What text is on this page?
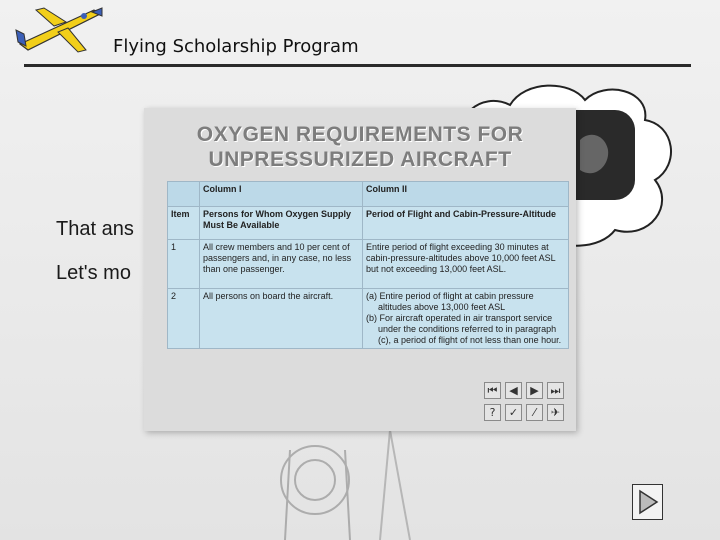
Flying Scholarship Program
That ans
Let's mo
OXYGEN REQUIREMENTS FOR
UNPRESSURIZED AIRCRAFT
	Column I	Column II
Item	Persons for Whom Oxygen Supply Must Be Available	Period of Flight and Cabin-Pressure-Altitude
1	All crew members and 10 per cent of passengers and, in any case, no less than one passenger.	Entire period of flight exceeding 30 minutes at cabin-pressure-altitudes above 10,000 feet ASL but not exceeding 13,000 feet ASL.
2	All persons on board the aircraft.	(a) Entire period of flight at cabin pressure altitudes above 13,000 feet ASL
(b) For aircraft operated in air transport service under the conditions referred to in paragraph (c), a period of flight of not less than one hour.
⏮	◀	▶	⏭
?	✓	⁄	✈
